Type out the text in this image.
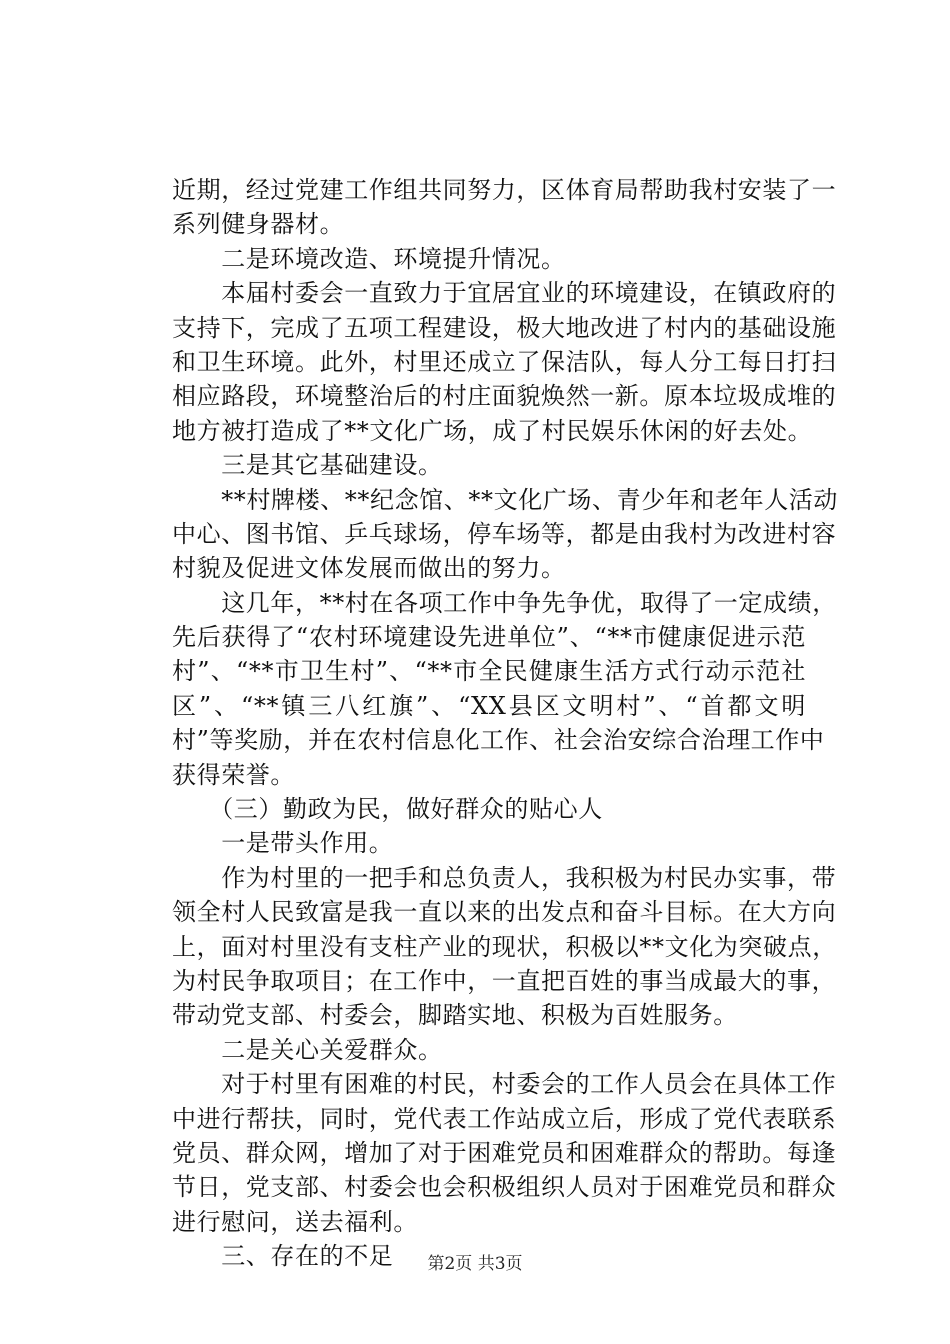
近期，经过党建工作组共同努力，区体育局帮助我村安装了一
系列健身器材。
　　二是环境改造、环境提升情况。
　　本届村委会一直致力于宜居宜业的环境建设，在镇政府的
支持下，完成了五项工程建设，极大地改进了村内的基础设施
和卫生环境。此外，村里还成立了保洁队，每人分工每日打扫
相应路段，环境整治后的村庄面貌焕然一新。原本垃圾成堆的
地方被打造成了**文化广场，成了村民娱乐休闲的好去处。
　　三是其它基础建设。
　　**村牌楼、**纪念馆、**文化广场、青少年和老年人活动
中心、图书馆、乒乓球场，停车场等，都是由我村为改进村容
村貌及促进文体发展而做出的努力。
　　这几年，**村在各项工作中争先争优，取得了一定成绩，
先后获得了“农村环境建设先进单位”、“**市健康促进示范
村”、“**市卫生村”、“**市全民健康生活方式行动示范社
区”、“**镇三八红旗”、“XX县区文明村”、“首都文明
村”等奖励，并在农村信息化工作、社会治安综合治理工作中
获得荣誉。
　　（三）勤政为民，做好群众的贴心人
　　一是带头作用。
　　作为村里的一把手和总负责人，我积极为村民办实事，带
领全村人民致富是我一直以来的出发点和奋斗目标。在大方向
上，面对村里没有支柱产业的现状，积极以**文化为突破点，
为村民争取项目；在工作中，一直把百姓的事当成最大的事，
带动党支部、村委会，脚踏实地、积极为百姓服务。
　　二是关心关爱群众。
　　对于村里有困难的村民，村委会的工作人员会在具体工作
中进行帮扶，同时，党代表工作站成立后，形成了党代表联系
党员、群众网，增加了对于困难党员和困难群众的帮助。每逢
节日，党支部、村委会也会积极组织人员对于困难党员和群众
进行慰问，送去福利。
　　三、存在的不足	第2页 共3页
